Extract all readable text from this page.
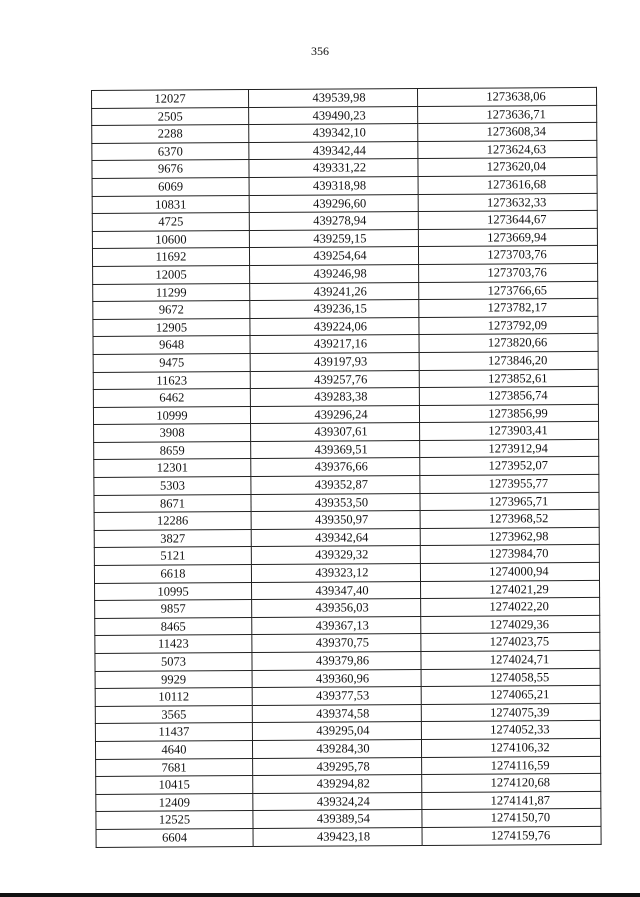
356
12027	439539,98	1273638,06
2505	439490,23	1273636,71
2288	439342,10	1273608,34
6370	439342,44	1273624,63
9676	439331,22	1273620,04
6069	439318,98	1273616,68
10831	439296,60	1273632,33
4725	439278,94	1273644,67
10600	439259,15	1273669,94
11692	439254,64	1273703,76
12005	439246,98	1273703,76
11299	439241,26	1273766,65
9672	439236,15	1273782,17
12905	439224,06	1273792,09
9648	439217,16	1273820,66
9475	439197,93	1273846,20
11623	439257,76	1273852,61
6462	439283,38	1273856,74
10999	439296,24	1273856,99
3908	439307,61	1273903,41
8659	439369,51	1273912,94
12301	439376,66	1273952,07
5303	439352,87	1273955,77
8671	439353,50	1273965,71
12286	439350,97	1273968,52
3827	439342,64	1273962,98
5121	439329,32	1273984,70
6618	439323,12	1274000,94
10995	439347,40	1274021,29
9857	439356,03	1274022,20
8465	439367,13	1274029,36
11423	439370,75	1274023,75
5073	439379,86	1274024,71
9929	439360,96	1274058,55
10112	439377,53	1274065,21
3565	439374,58	1274075,39
11437	439295,04	1274052,33
4640	439284,30	1274106,32
7681	439295,78	1274116,59
10415	439294,82	1274120,68
12409	439324,24	1274141,87
12525	439389,54	1274150,70
6604	439423,18	1274159,76
